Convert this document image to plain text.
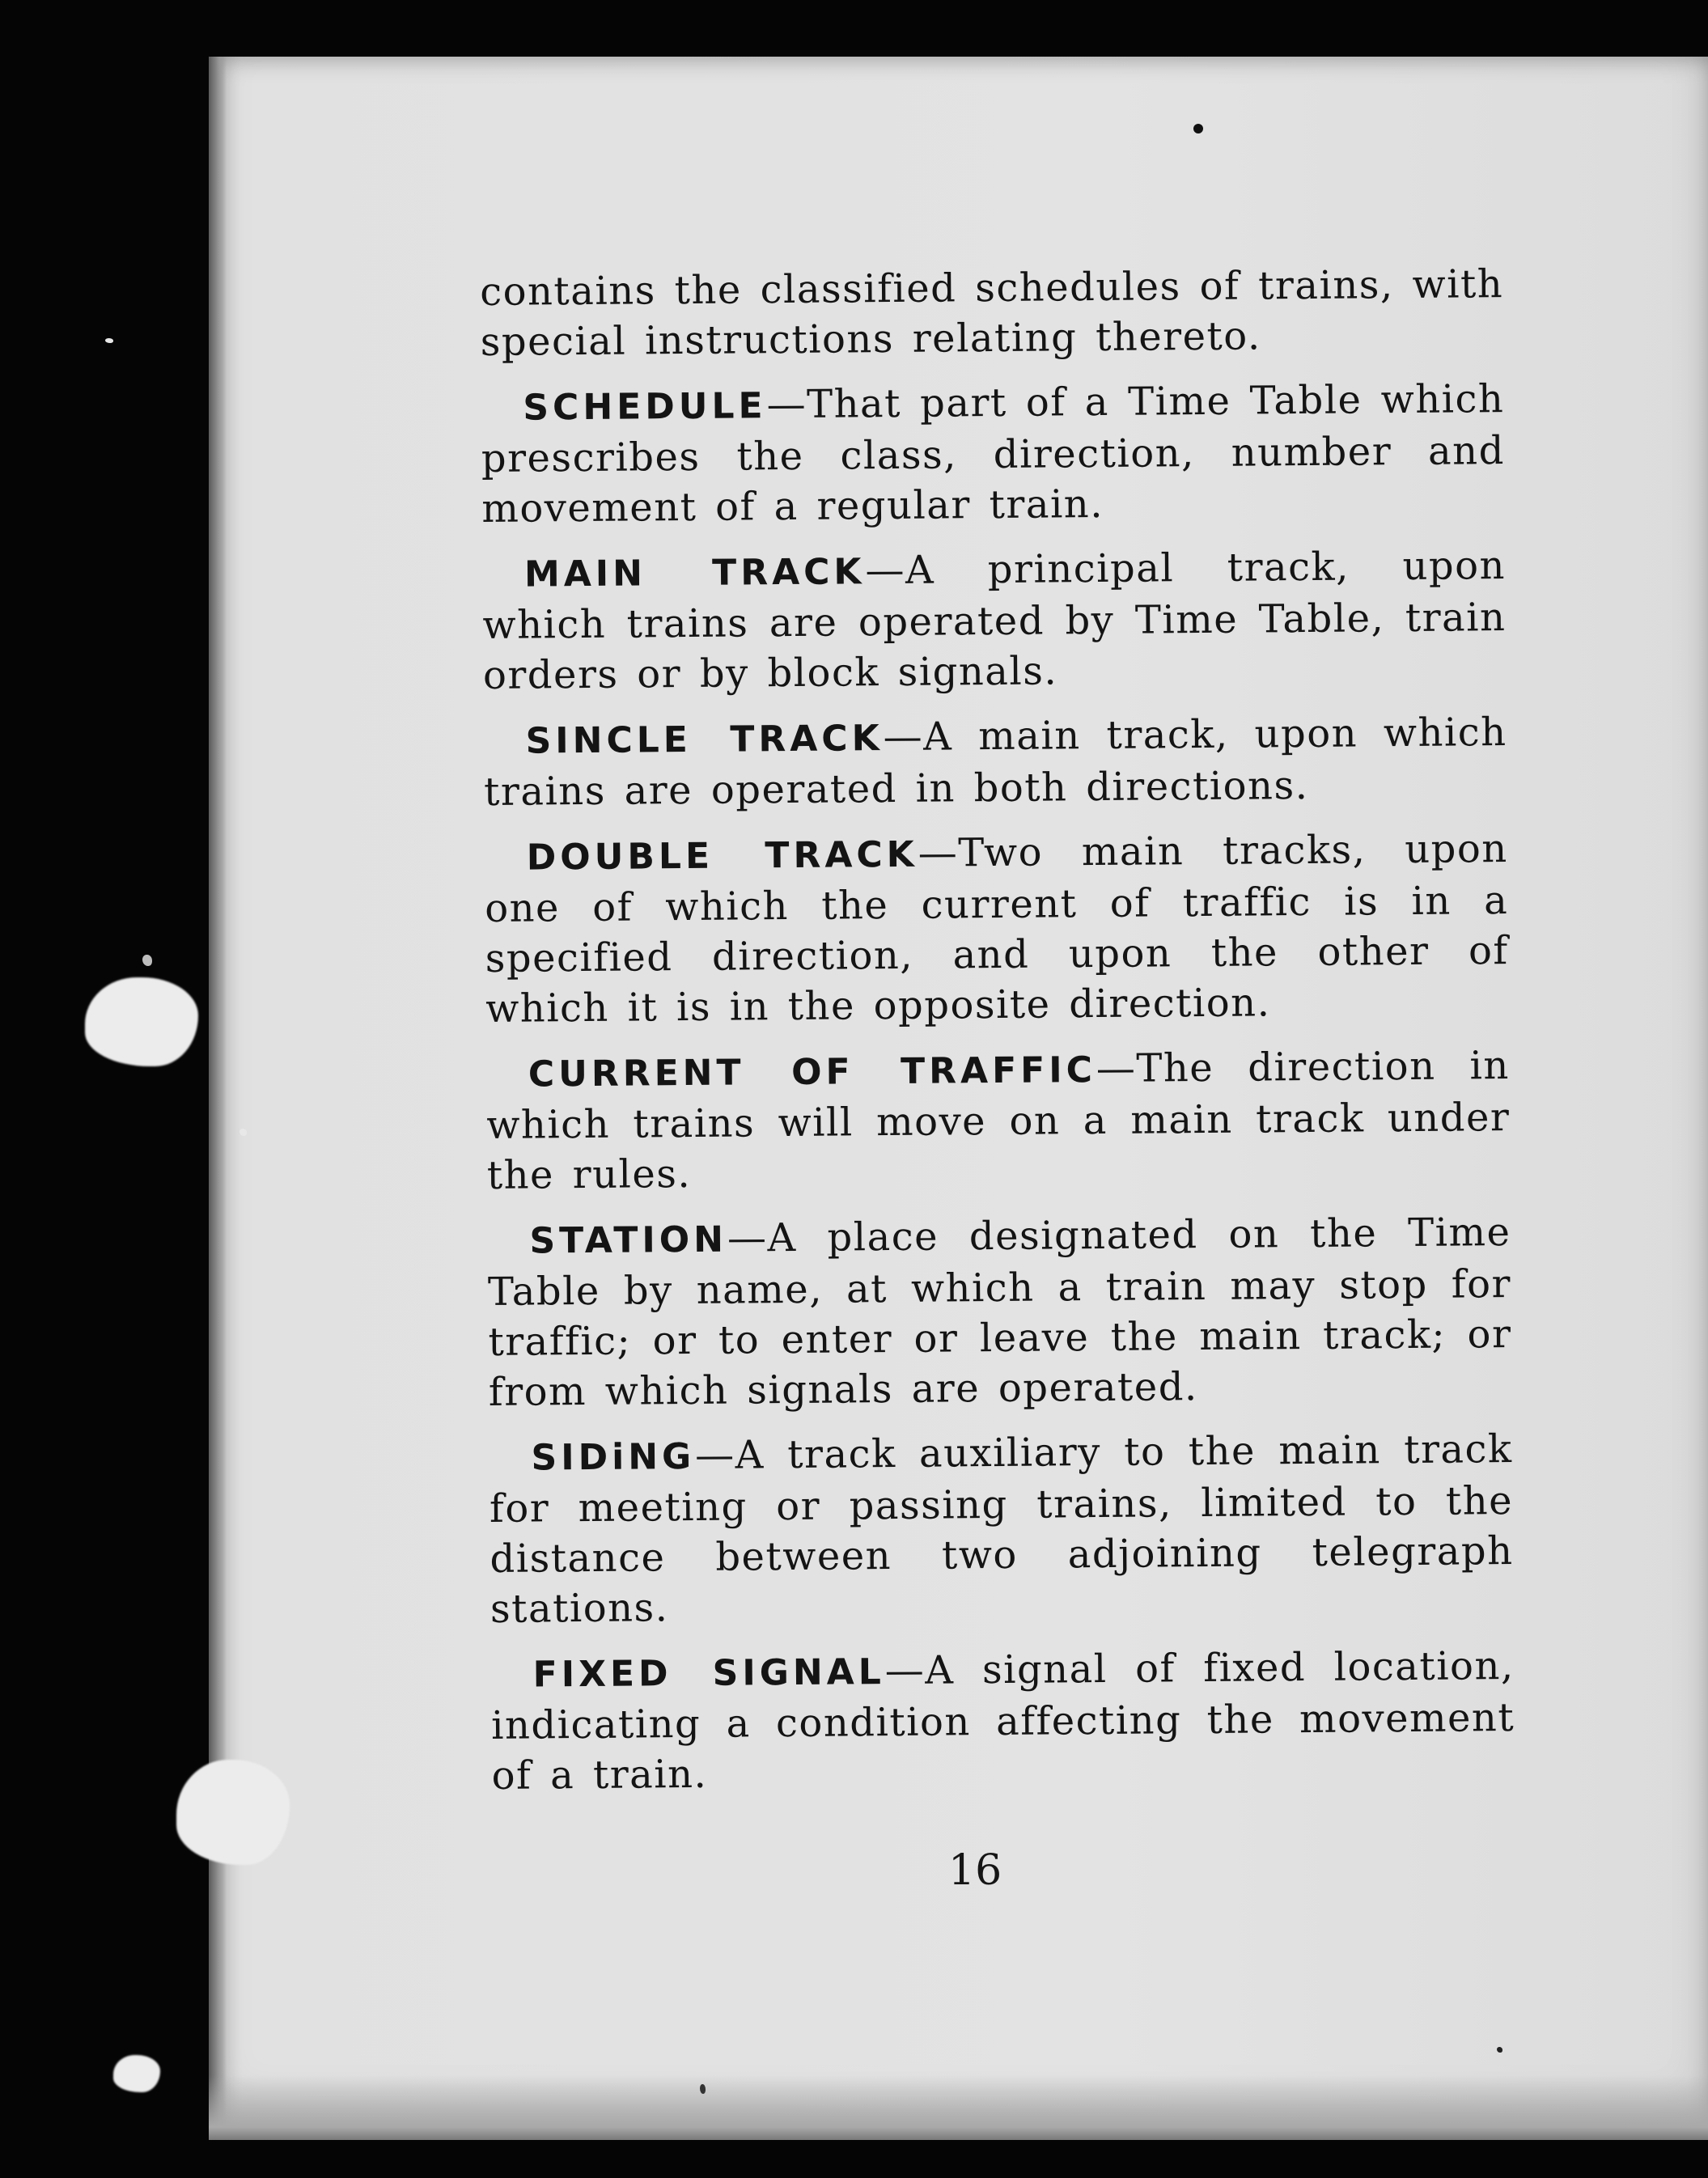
contains the classified schedules of trains, with special instructions relating thereto.

SCHEDULE—That part of a Time Table which prescribes the class, direction, number and movement of a regular train.

MAIN TRACK—A principal track, upon which trains are operated by Time Table, train orders or by block signals.

SINCLE TRACK—A main track, upon which trains are operated in both directions.

DOUBLE TRACK—Two main tracks, upon one of which the current of traffic is in a specified direction, and upon the other of which it is in the opposite direction.

CURRENT OF TRAFFIC—The direction in which trains will move on a main track under the rules.

STATION—A place designated on the Time Table by name, at which a train may stop for traffic; or to enter or leave the main track; or from which signals are operated.

SIDiNG—A track auxiliary to the main track for meeting or passing trains, limited to the distance between two adjoining telegraph stations.

FIXED SIGNAL—A signal of fixed location, indicating a condition affecting the movement of a train.

16
